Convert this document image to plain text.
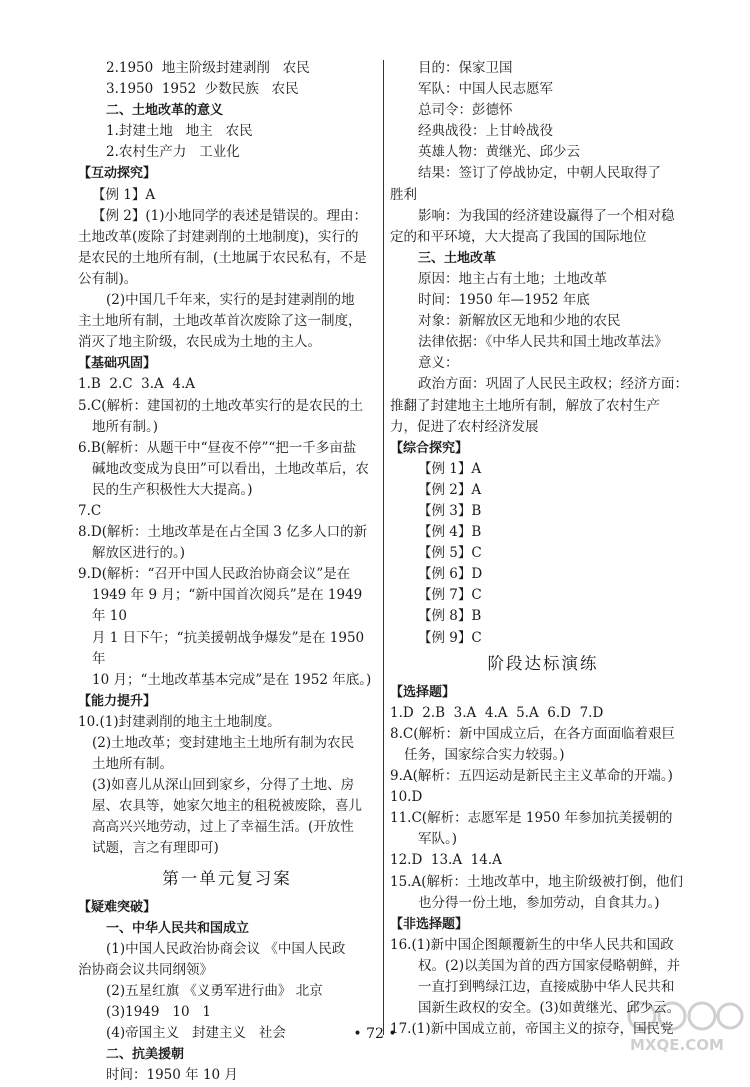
2.1950  地主阶级封建剥削   农民
3.1950  1952  少数民族   农民
二、土地改革的意义
1.封建土地   地主   农民
2.农村生产力   工业化
【互动探究】
【例 1】A
【例 2】(1)小地同学的表述是错误的。理由：
土地改革(废除了封建剥削的土地制度)，实行的
是农民的土地所有制，(土地属于农民私有，不是
公有制)。
(2)中国几千年来，实行的是封建剥削的地
主土地所有制，土地改革首次废除了这一制度，
消灭了地主阶级，农民成为土地的主人。
【基础巩固】
1.B  2.C  3.A  4.A
5.C(解析：建国初的土地改革实行的是农民的土
地所有制。)
6.B(解析：从题干中“昼夜不停”“把一千多亩盐
碱地改变成为良田”可以看出，土地改革后，农
民的生产积极性大大提高。)
7.C
8.D(解析：土地改革是在占全国 3 亿多人口的新
解放区进行的。)
9.D(解析：“召开中国人民政治协商会议”是在
1949 年 9 月；“新中国首次阅兵”是在 1949 年 10
月 1 日下午；“抗美援朝战争爆发”是在 1950 年
10 月；“土地改革基本完成”是在 1952 年底。)
【能力提升】
10.(1)封建剥削的地主土地制度。
(2)土地改革；变封建地主土地所有制为农民
土地所有制。
(3)如喜儿从深山回到家乡，分得了土地、房
屋、农具等，她家欠地主的租税被废除，喜儿
高高兴兴地劳动，过上了幸福生活。(开放性
试题，言之有理即可)
第一单元复习案
【疑难突破】
一、中华人民共和国成立
(1)中国人民政治协商会议 《中国人民政
治协商会议共同纲领》
(2)五星红旗 《义勇军进行曲》 北京
(3)1949   10   1
(4)帝国主义   封建主义   社会
二、抗美援朝
时间：1950 年 10 月
目的：保家卫国
军队：中国人民志愿军
总司令：彭德怀
经典战役：上甘岭战役
英雄人物：黄继光、邱少云
结果：签订了停战协定，中朝人民取得了
胜利
影响：为我国的经济建设赢得了一个相对稳
定的和平环境，大大提高了我国的国际地位
三、土地改革
原因：地主占有土地；土地改革
时间：1950 年—1952 年底
对象：新解放区无地和少地的农民
法律依据：《中华人民共和国土地改革法》
意义：
政治方面：巩固了人民民主政权；经济方面：
推翻了封建地主土地所有制，解放了农村生产
力，促进了农村经济发展
【综合探究】
【例 1】A
【例 2】A
【例 3】B
【例 4】B
【例 5】C
【例 6】D
【例 7】C
【例 8】B
【例 9】C
阶段达标演练
【选择题】
1.D  2.B  3.A  4.A  5.A  6.D  7.D
8.C(解析：新中国成立后，在各方面面临着艰巨
任务，国家综合实力较弱。)
9.A(解析：五四运动是新民主主义革命的开端。)
10.D
11.C(解析：志愿军是 1950 年参加抗美援朝的
军队。)
12.D  13.A  14.A
15.A(解析：土地改革中，地主阶级被打倒，他们
也分得一份土地，参加劳动，自食其力。)
【非选择题】
16.(1)新中国企图颠覆新生的中华人民共和国政
权。(2)以美国为首的西方国家侵略朝鲜，并
一直打到鸭绿江边，直接威胁中华人民共和
国新生政权的安全。(3)如黄继光、邱少云。
17.(1)新中国成立前，帝国主义的掠夺，国民党
• 72 •
MXQE.COM
